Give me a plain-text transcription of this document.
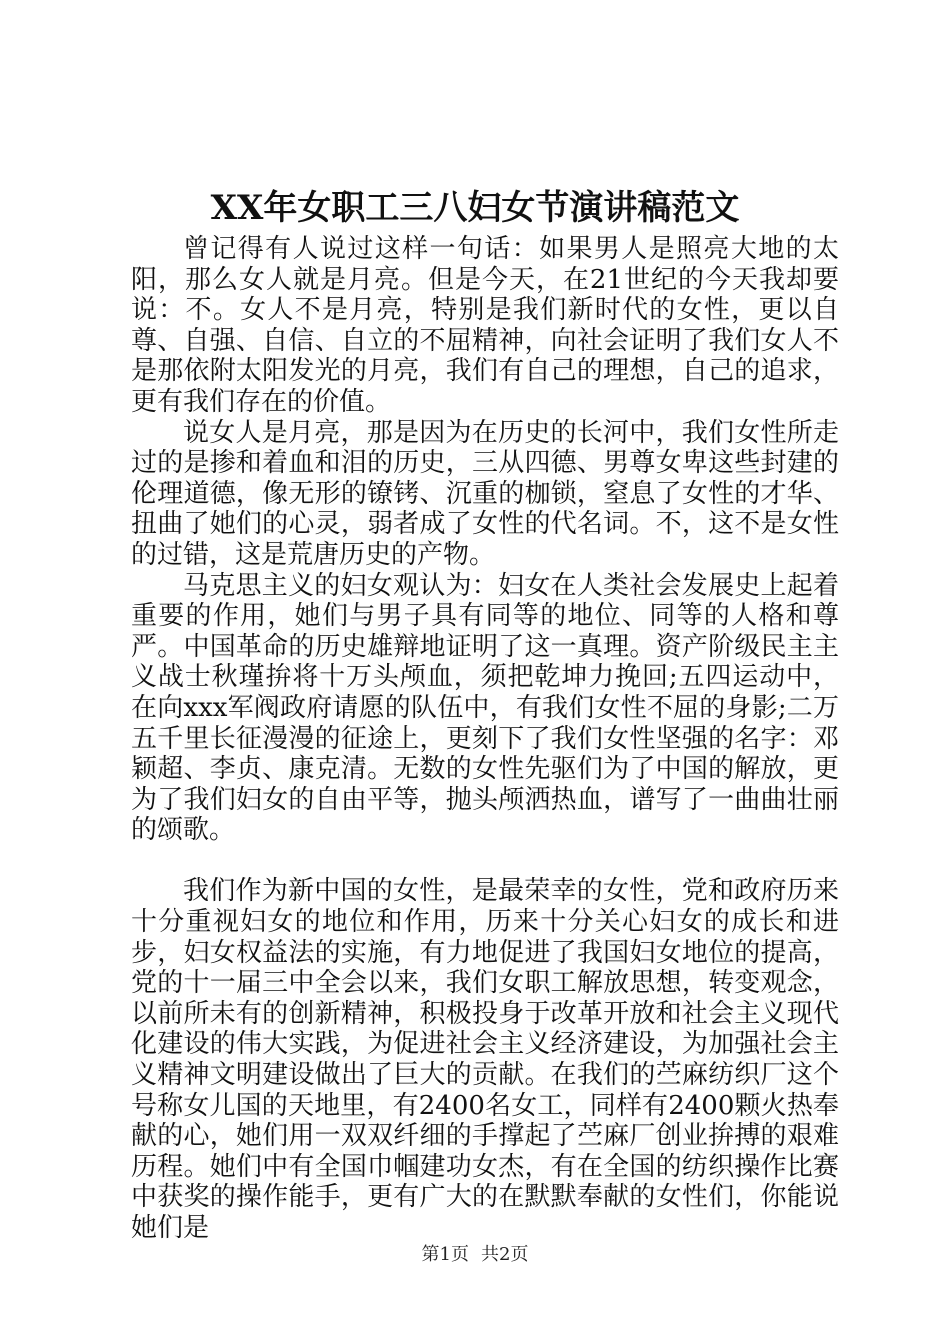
XX年女职工三八妇女节演讲稿范文

曾记得有人说过这样一句话：如果男人是照亮大地的太阳，那么女人就是月亮。但是今天，在21世纪的今天我却要说：不。女人不是月亮，特别是我们新时代的女性，更以自尊、自强、自信、自立的不屈精神，向社会证明了我们女人不是那依附太阳发光的月亮，我们有自己的理想，自己的追求，更有我们存在的价值。

说女人是月亮，那是因为在历史的长河中，我们女性所走过的是掺和着血和泪的历史，三从四德、男尊女卑这些封建的伦理道德，像无形的镣铐、沉重的枷锁，窒息了女性的才华、扭曲了她们的心灵，弱者成了女性的代名词。不，这不是女性的过错，这是荒唐历史的产物。

马克思主义的妇女观认为：妇女在人类社会发展史上起着重要的作用，她们与男子具有同等的地位、同等的人格和尊严。中国革命的历史雄辩地证明了这一真理。资产阶级民主主义战士秋瑾拚将十万头颅血，须把乾坤力挽回;五四运动中，在向xxx军阀政府请愿的队伍中，有我们女性不屈的身影;二万五千里长征漫漫的征途上，更刻下了我们女性坚强的名字：邓颖超、李贞、康克清。无数的女性先驱们为了中国的解放，更为了我们妇女的自由平等，抛头颅洒热血，谱写了一曲曲壮丽的颂歌。

我们作为新中国的女性，是最荣幸的女性，党和政府历来十分重视妇女的地位和作用，历来十分关心妇女的成长和进步，妇女权益法的实施，有力地促进了我国妇女地位的提高，党的十一届三中全会以来，我们女职工解放思想，转变观念，以前所未有的创新精神，积极投身于改革开放和社会主义现代化建设的伟大实践，为促进社会主义经济建设，为加强社会主义精神文明建设做出了巨大的贡献。在我们的苎麻纺织厂这个号称女儿国的天地里，有2400名女工，同样有2400颗火热奉献的心，她们用一双双纤细的手撑起了苎麻厂创业拚搏的艰难历程。她们中有全国巾帼建功女杰，有在全国的纺织操作比赛中获奖的操作能手，更有广大的在默默奉献的女性们，你能说她们是

第1页 共2页
